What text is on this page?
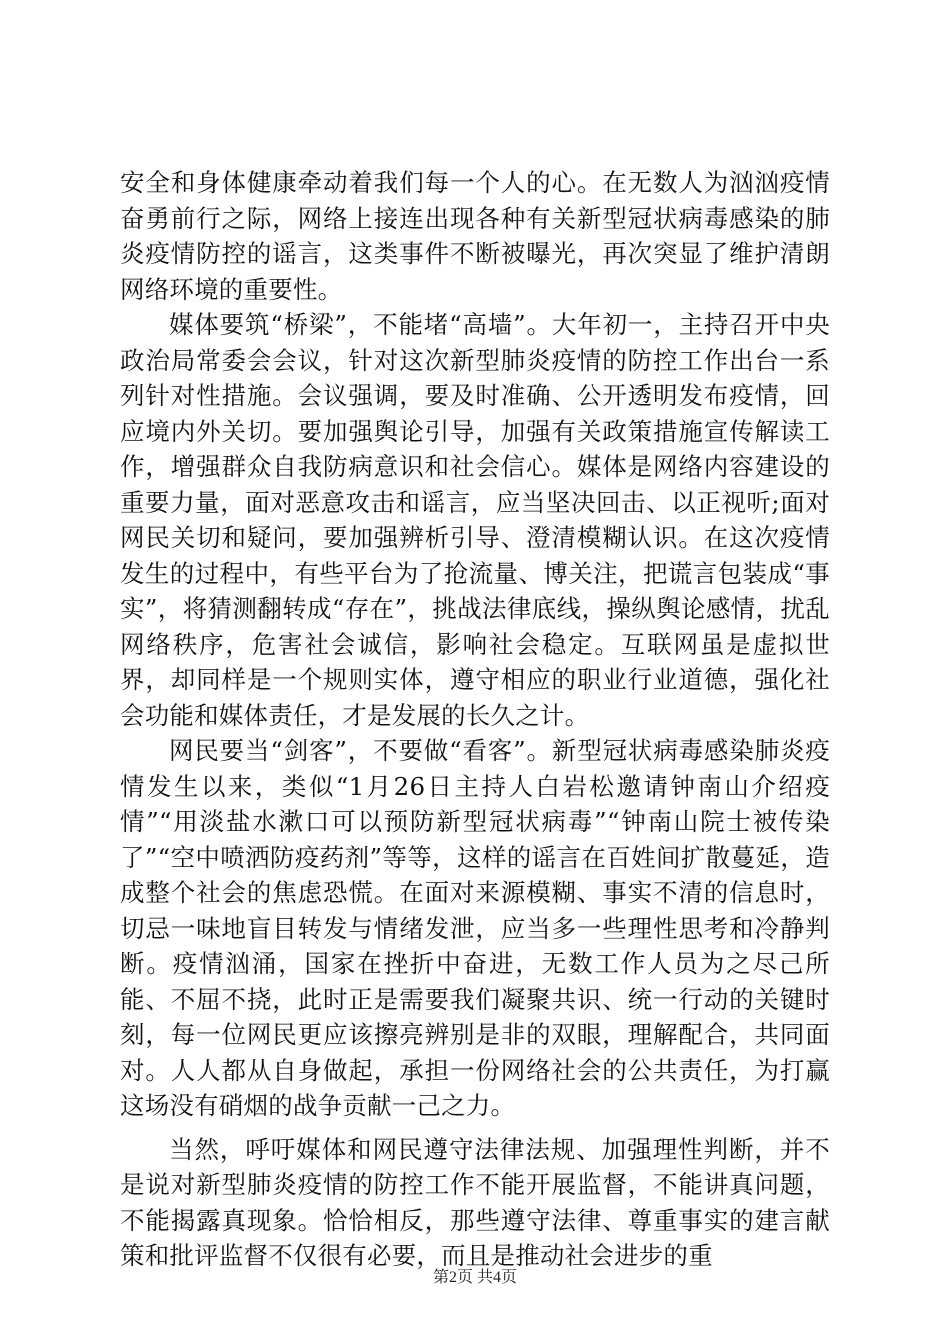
安全和身体健康牵动着我们每一个人的心。在无数人为汹汹疫情奋勇前行之际，网络上接连出现各种有关新型冠状病毒感染的肺炎疫情防控的谣言，这类事件不断被曝光，再次突显了维护清朗网络环境的重要性。

媒体要筑“桥梁”，不能堵“高墙”。大年初一，主持召开中央政治局常委会会议，针对这次新型肺炎疫情的防控工作出台一系列针对性措施。会议强调，要及时准确、公开透明发布疫情，回应境内外关切。要加强舆论引导，加强有关政策措施宣传解读工作，增强群众自我防病意识和社会信心。媒体是网络内容建设的重要力量，面对恶意攻击和谣言，应当坚决回击、以正视听;面对网民关切和疑问，要加强辨析引导、澄清模糊认识。在这次疫情发生的过程中，有些平台为了抢流量、博关注，把谎言包装成“事实”，将猜测翻转成“存在”，挑战法律底线，操纵舆论感情，扰乱网络秩序，危害社会诚信，影响社会稳定。互联网虽是虚拟世界，却同样是一个规则实体，遵守相应的职业行业道德，强化社会功能和媒体责任，才是发展的长久之计。

网民要当“剑客”，不要做“看客”。新型冠状病毒感染肺炎疫情发生以来，类似“1月26日主持人白岩松邀请钟南山介绍疫情”“用淡盐水漱口可以预防新型冠状病毒”“钟南山院士被传染了”“空中喷洒防疫药剂”等等，这样的谣言在百姓间扩散蔓延，造成整个社会的焦虑恐慌。在面对来源模糊、事实不清的信息时，切忌一味地盲目转发与情绪发泄，应当多一些理性思考和冷静判断。疫情汹涌，国家在挫折中奋进，无数工作人员为之尽己所能、不屈不挠，此时正是需要我们凝聚共识、统一行动的关键时刻，每一位网民更应该擦亮辨别是非的双眼，理解配合，共同面对。人人都从自身做起，承担一份网络社会的公共责任，为打赢这场没有硝烟的战争贡献一己之力。

当然，呼吁媒体和网民遵守法律法规、加强理性判断，并不是说对新型肺炎疫情的防控工作不能开展监督，不能讲真问题，不能揭露真现象。恰恰相反，那些遵守法律、尊重事实的建言献策和批评监督不仅很有必要，而且是推动社会进步的重

第2页 共4页
